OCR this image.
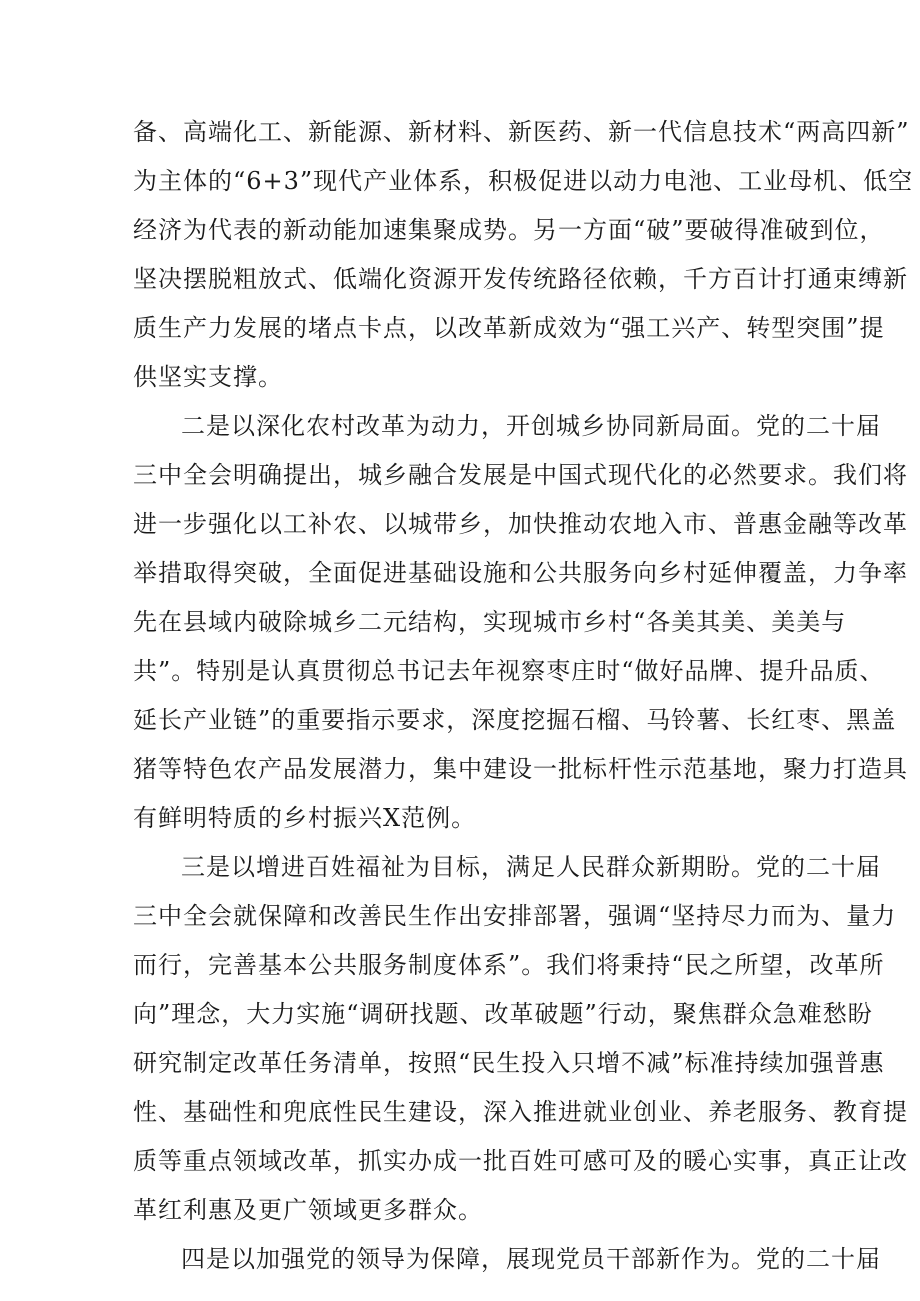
备、高端化工、新能源、新材料、新医药、新一代信息技术“两高四新”
为主体的“6+3”现代产业体系，积极促进以动力电池、工业母机、低空
经济为代表的新动能加速集聚成势。另一方面“破”要破得准破到位，
坚决摆脱粗放式、低端化资源开发传统路径依赖，千方百计打通束缚新
质生产力发展的堵点卡点，以改革新成效为“强工兴产、转型突围”提
供坚实支撑。
二是以深化农村改革为动力，开创城乡协同新局面。党的二十届
三中全会明确提出，城乡融合发展是中国式现代化的必然要求。我们将
进一步强化以工补农、以城带乡，加快推动农地入市、普惠金融等改革
举措取得突破，全面促进基础设施和公共服务向乡村延伸覆盖，力争率
先在县域内破除城乡二元结构，实现城市乡村“各美其美、美美与
共”。特别是认真贯彻总书记去年视察枣庄时“做好品牌、提升品质、
延长产业链”的重要指示要求，深度挖掘石榴、马铃薯、长红枣、黑盖
猪等特色农产品发展潜力，集中建设一批标杆性示范基地，聚力打造具
有鲜明特质的乡村振兴X范例。
三是以增进百姓福祉为目标，满足人民群众新期盼。党的二十届
三中全会就保障和改善民生作出安排部署，强调“坚持尽力而为、量力
而行，完善基本公共服务制度体系”。我们将秉持“民之所望，改革所
向”理念，大力实施“调研找题、改革破题”行动，聚焦群众急难愁盼
研究制定改革任务清单，按照“民生投入只增不减”标准持续加强普惠
性、基础性和兜底性民生建设，深入推进就业创业、养老服务、教育提
质等重点领域改革，抓实办成一批百姓可感可及的暖心实事，真正让改
革红利惠及更广领域更多群众。
四是以加强党的领导为保障，展现党员干部新作为。党的二十届
